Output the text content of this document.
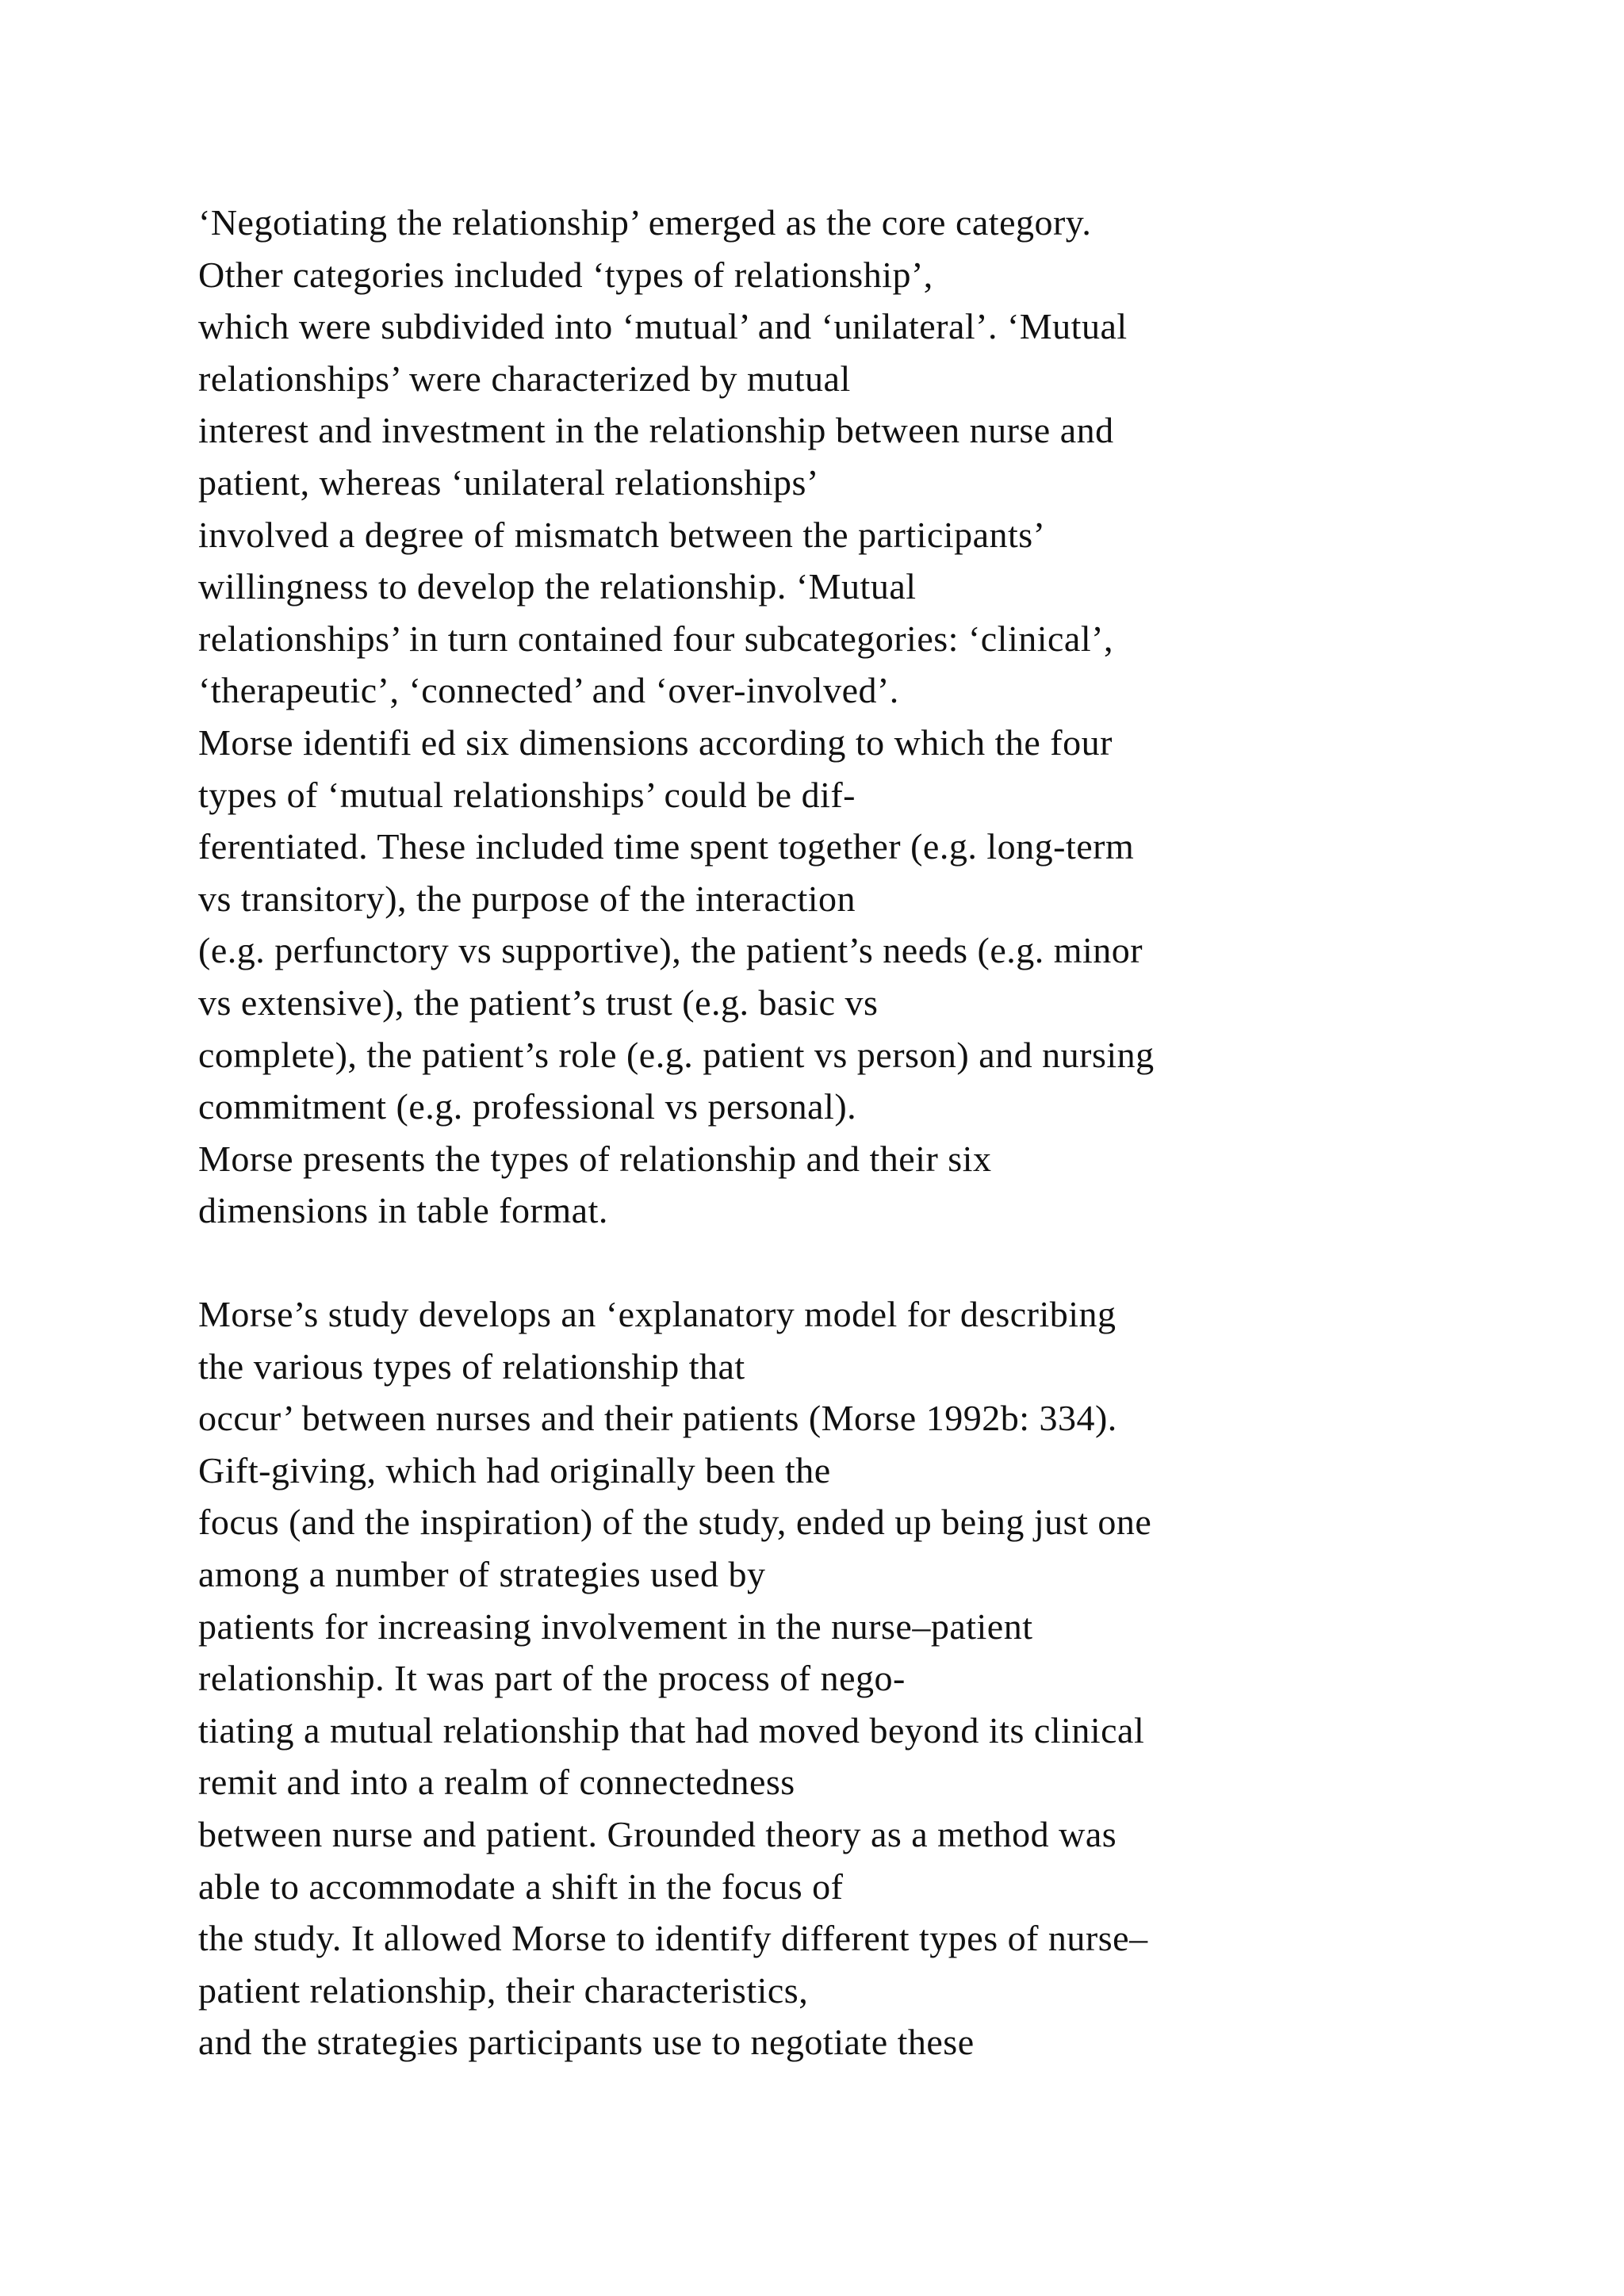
‘Negotiating the relationship’ emerged as the core category.
Other categories included ‘types of relationship’,
which were subdivided into ‘mutual’ and ‘unilateral’. ‘Mutual
relationships’ were characterized by mutual
interest and investment in the relationship between nurse and
patient, whereas ‘unilateral relationships’
involved a degree of mismatch between the participants’
willingness to develop the relationship. ‘Mutual
relationships’ in turn contained four subcategories: ‘clinical’,
‘therapeutic’, ‘connected’ and ‘over-involved’.
Morse identifi ed six dimensions according to which the four
types of ‘mutual relationships’ could be dif-
ferentiated. These included time spent together (e.g. long-term
vs transitory), the purpose of the interaction
(e.g. perfunctory vs supportive), the patient’s needs (e.g. minor
vs extensive), the patient’s trust (e.g. basic vs
complete), the patient’s role (e.g. patient vs person) and nursing
commitment (e.g. professional vs personal).
Morse presents the types of relationship and their six
dimensions in table format.
Morse’s study develops an ‘explanatory model for describing
the various types of relationship that
occur’ between nurses and their patients (Morse 1992b: 334).
Gift-giving, which had originally been the
focus (and the inspiration) of the study, ended up being just one
among a number of strategies used by
patients for increasing involvement in the nurse–patient
relationship. It was part of the process of nego-
tiating a mutual relationship that had moved beyond its clinical
remit and into a realm of connectedness
between nurse and patient. Grounded theory as a method was
able to accommodate a shift in the focus of
the study. It allowed Morse to identify different types of nurse–
patient relationship, their characteristics,
and the strategies participants use to negotiate these
